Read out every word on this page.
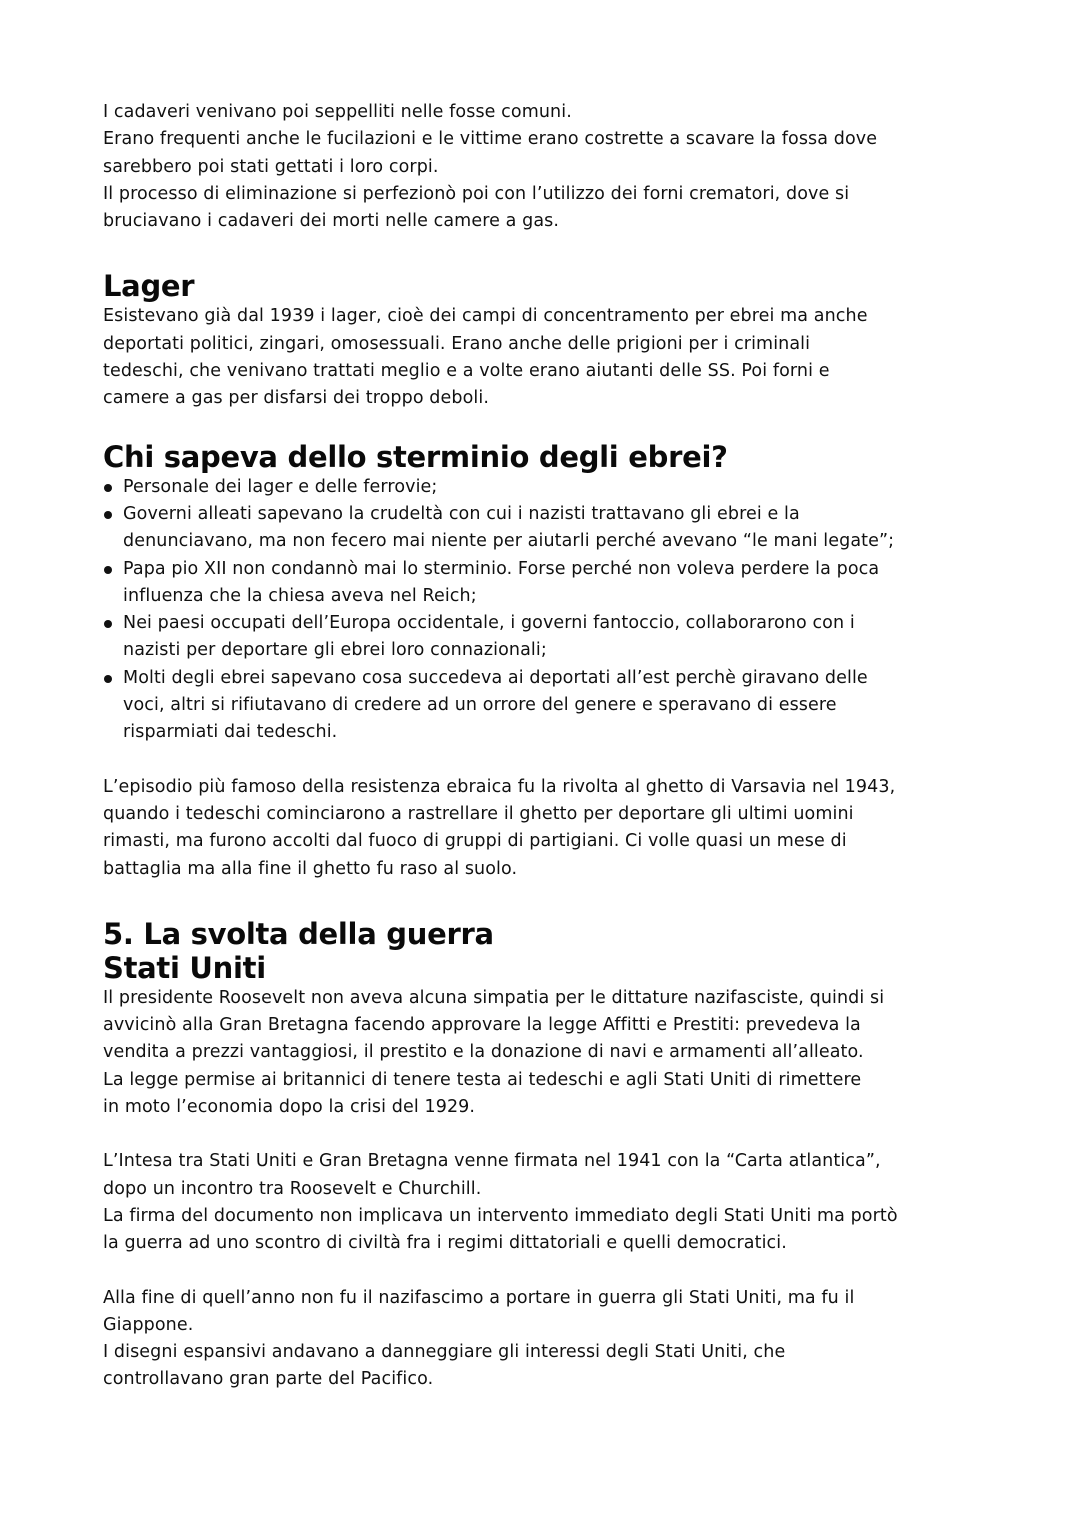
I cadaveri venivano poi seppelliti nelle fosse comuni.
Erano frequenti anche le fucilazioni e le vittime erano costrette a scavare la fossa dove
sarebbero poi stati gettati i loro corpi.
Il processo di eliminazione si perfezionò poi con l’utilizzo dei forni crematori, dove si
bruciavano i cadaveri dei morti nelle camere a gas.

Lager

Esistevano già dal 1939 i lager, cioè dei campi di concentramento per ebrei ma anche
deportati politici, zingari, omosessuali. Erano anche delle prigioni per i criminali
tedeschi, che venivano trattati meglio e a volte erano aiutanti delle SS. Poi forni e
camere a gas per disfarsi dei troppo deboli.

Chi sapeva dello sterminio degli ebrei?
Personale dei lager e delle ferrovie;
Governi alleati sapevano la crudeltà con cui i nazisti trattavano gli ebrei e la
denunciavano, ma non fecero mai niente per aiutarli perché avevano “le mani legate”;
Papa pio XII non condannò mai lo sterminio. Forse perché non voleva perdere la poca
influenza che la chiesa aveva nel Reich;
Nei paesi occupati dell’Europa occidentale, i governi fantoccio, collaborarono con i
nazisti per deportare gli ebrei loro connazionali;
Molti degli ebrei sapevano cosa succedeva ai deportati all’est perchè giravano delle
voci, altri si rifiutavano di credere ad un orrore del genere e speravano di essere
risparmiati dai tedeschi.

L’episodio più famoso della resistenza ebraica fu la rivolta al ghetto di Varsavia nel 1943,
quando i tedeschi cominciarono a rastrellare il ghetto per deportare gli ultimi uomini
rimasti, ma furono accolti dal fuoco di gruppi di partigiani. Ci volle quasi un mese di
battaglia ma alla fine il ghetto fu raso al suolo.

5. La svolta della guerra
Stati Uniti

Il presidente Roosevelt non aveva alcuna simpatia per le dittature nazifasciste, quindi si
avvicinò alla Gran Bretagna facendo approvare la legge Affitti e Prestiti: prevedeva la
vendita a prezzi vantaggiosi, il prestito e la donazione di navi e armamenti all’alleato.
La legge permise ai britannici di tenere testa ai tedeschi e agli Stati Uniti di rimettere
in moto l’economia dopo la crisi del 1929.

L’Intesa tra Stati Uniti e Gran Bretagna venne firmata nel 1941 con la “Carta atlantica”,
dopo un incontro tra Roosevelt e Churchill.
La firma del documento non implicava un intervento immediato degli Stati Uniti ma portò
la guerra ad uno scontro di civiltà fra i regimi dittatoriali e quelli democratici.

Alla fine di quell’anno non fu il nazifascimo a portare in guerra gli Stati Uniti, ma fu il
Giappone.
I disegni espansivi andavano a danneggiare gli interessi degli Stati Uniti, che
controllavano gran parte del Pacifico.
